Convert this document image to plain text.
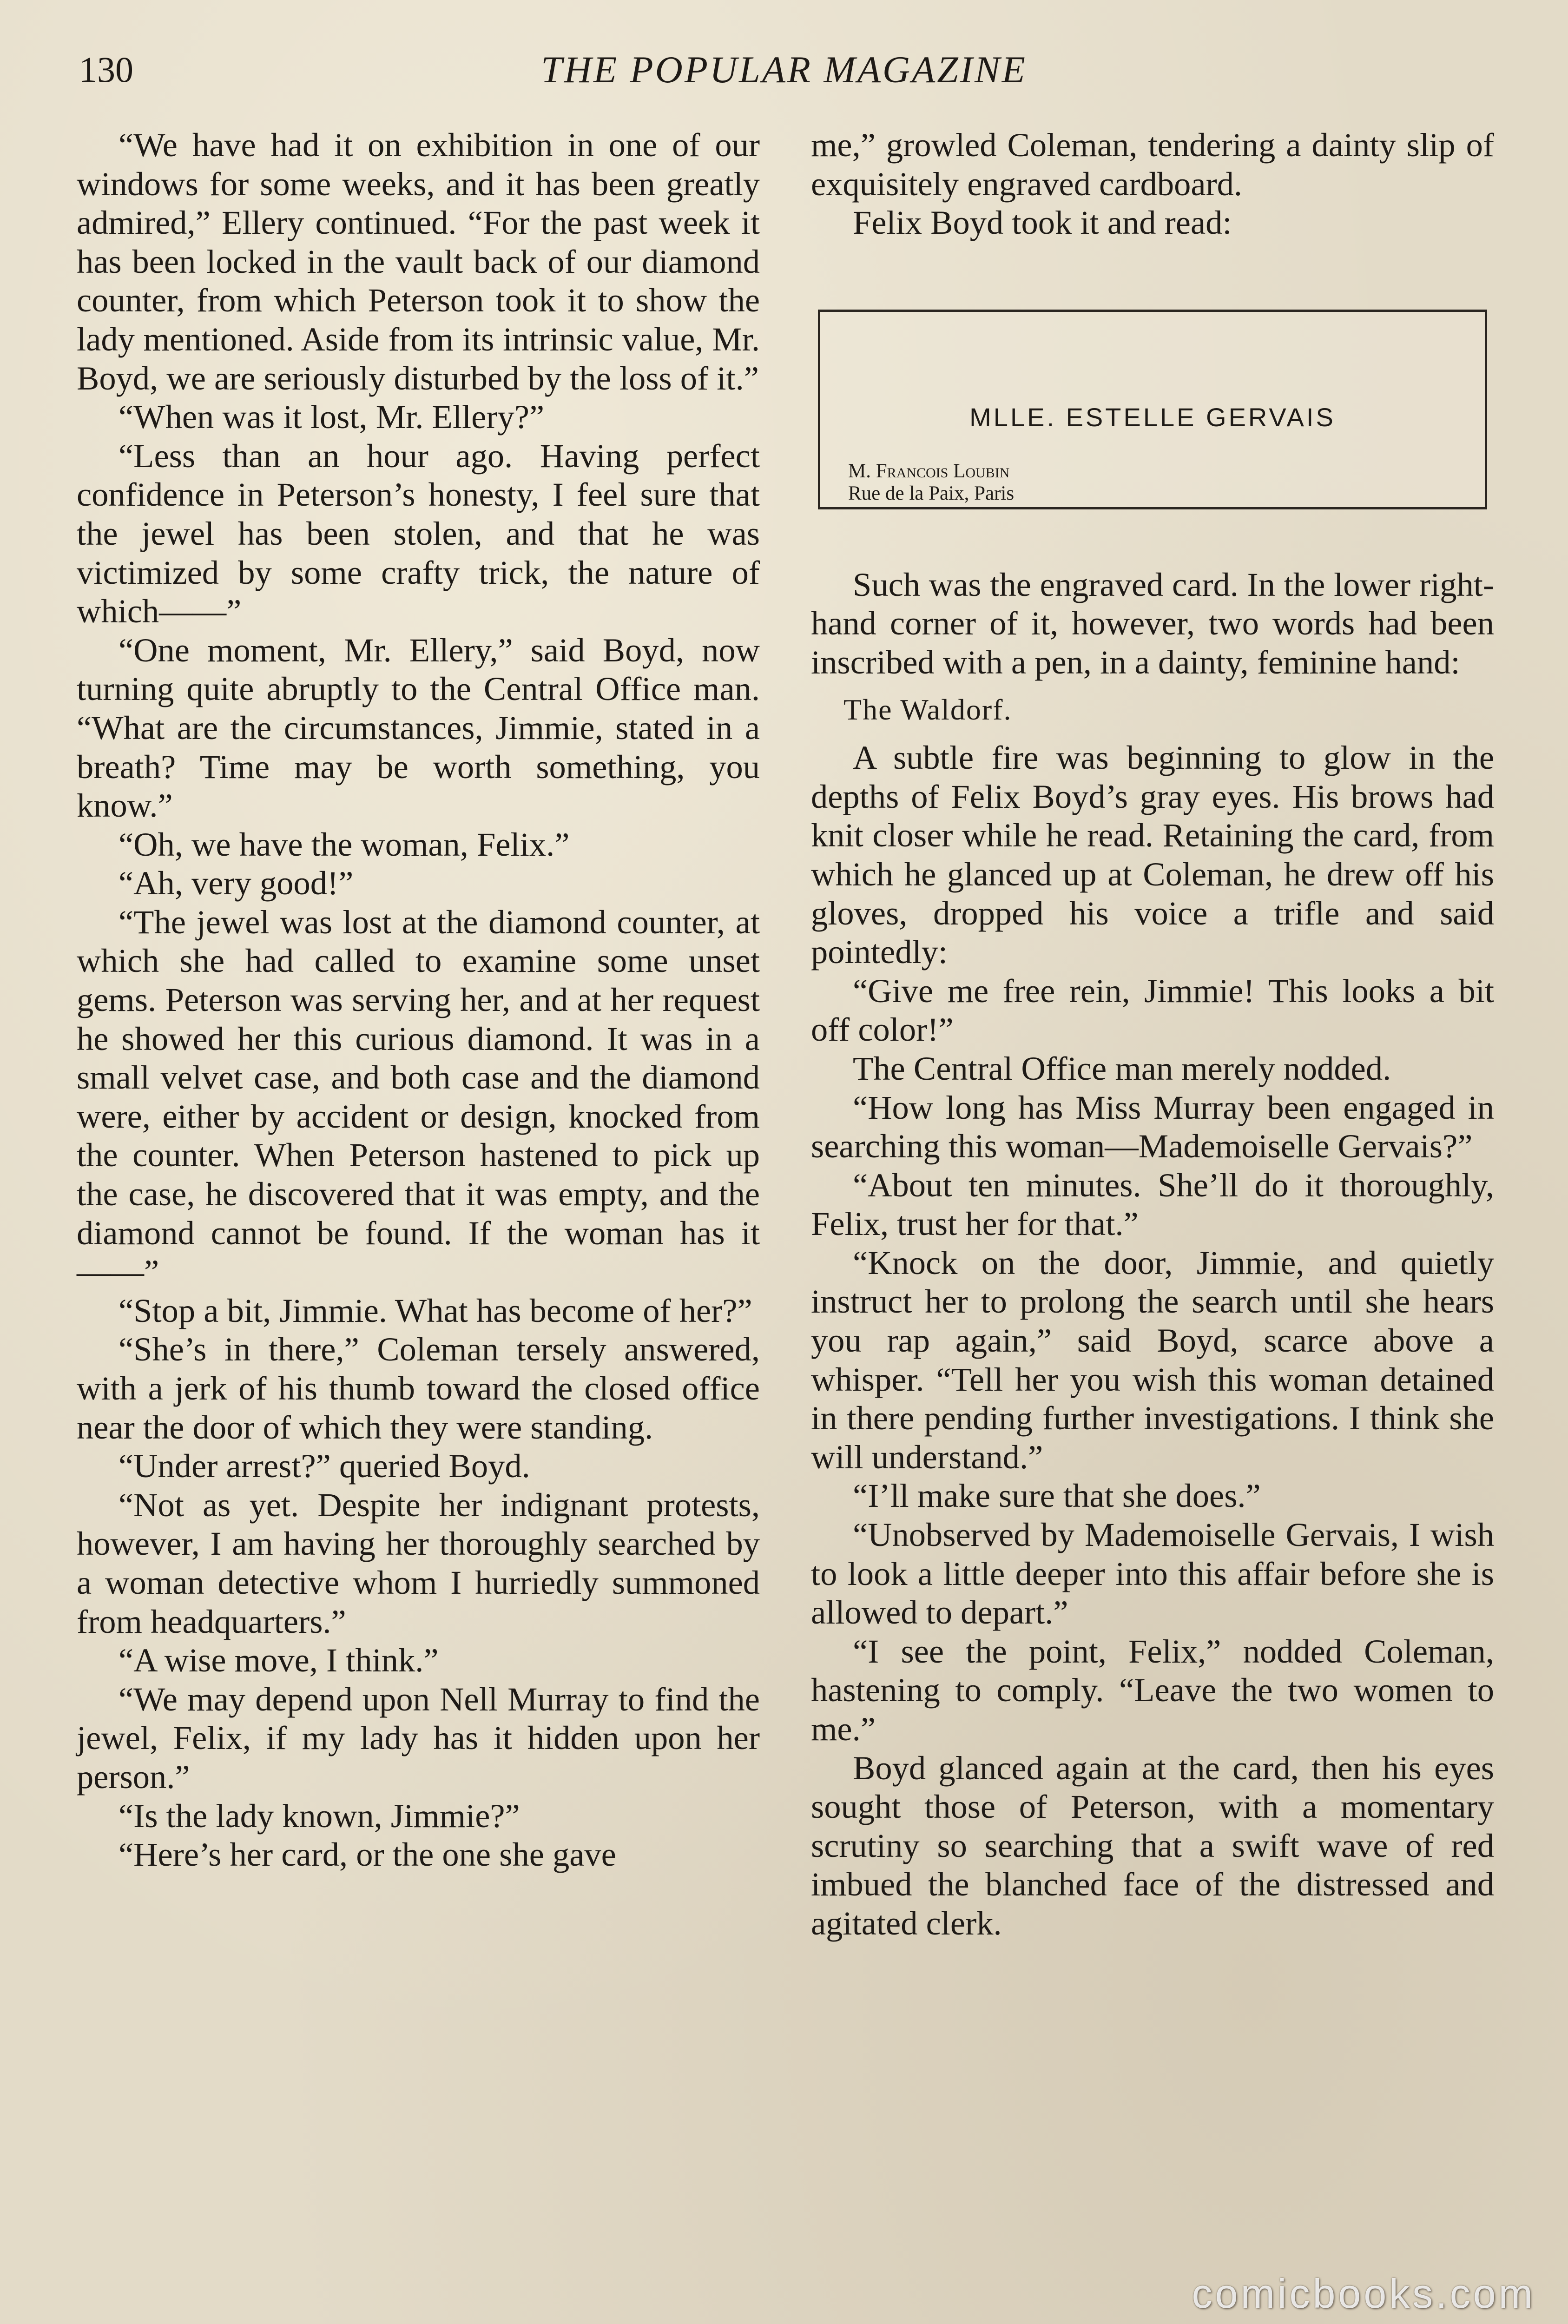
130	THE POPULAR MAGAZINE

“We have had it on exhibition in one of our windows for some weeks, and it has been greatly admired,” Ellery continued. “For the past week it has been locked in the vault back of our diamond counter, from which Peterson took it to show the lady mentioned. Aside from its intrinsic value, Mr. Boyd, we are seriously disturbed by the loss of it.”

“When was it lost, Mr. Ellery?”

“Less than an hour ago. Having perfect confidence in Peterson’s honesty, I feel sure that the jewel has been stolen, and that he was victimized by some crafty trick, the nature of which——”

“One moment, Mr. Ellery,” said Boyd, now turning quite abruptly to the Central Office man. “What are the circumstances, Jimmie, stated in a breath? Time may be worth something, you know.”

“Oh, we have the woman, Felix.”

“Ah, very good!”

“The jewel was lost at the diamond counter, at which she had called to examine some unset gems. Peterson was serving her, and at her request he showed her this curious diamond. It was in a small velvet case, and both case and the diamond were, either by accident or design, knocked from the counter. When Peterson hastened to pick up the case, he discovered that it was empty, and the diamond cannot be found. If the woman has it——”

“Stop a bit, Jimmie. What has become of her?”

“She’s in there,” Coleman tersely answered, with a jerk of his thumb toward the closed office near the door of which they were standing.

“Under arrest?” queried Boyd.

“Not as yet. Despite her indignant protests, however, I am having her thoroughly searched by a woman detective whom I hurriedly summoned from headquarters.”

“A wise move, I think.”

“We may depend upon Nell Murray to find the jewel, Felix, if my lady has it hidden upon her person.”

“Is the lady known, Jimmie?”

“Here’s her card, or the one she gave

me,” growled Coleman, tendering a dainty slip of exquisitely engraved cardboard.

Felix Boyd took it and read:

MLLE. ESTELLE GERVAIS
M. Francois Loubin
Rue de la Paix, Paris

Such was the engraved card. In the lower right-hand corner of it, however, two words had been inscribed with a pen, in a dainty, feminine hand:

The Waldorf.

A subtle fire was beginning to glow in the depths of Felix Boyd’s gray eyes. His brows had knit closer while he read. Retaining the card, from which he glanced up at Coleman, he drew off his gloves, dropped his voice a trifle and said pointedly:

“Give me free rein, Jimmie! This looks a bit off color!”

The Central Office man merely nodded.

“How long has Miss Murray been engaged in searching this woman—Mademoiselle Gervais?”

“About ten minutes. She’ll do it thoroughly, Felix, trust her for that.”

“Knock on the door, Jimmie, and quietly instruct her to prolong the search until she hears you rap again,” said Boyd, scarce above a whisper. “Tell her you wish this woman detained in there pending further investigations. I think she will understand.”

“I’ll make sure that she does.”

“Unobserved by Mademoiselle Gervais, I wish to look a little deeper into this affair before she is allowed to depart.”

“I see the point, Felix,” nodded Coleman, hastening to comply. “Leave the two women to me.”

Boyd glanced again at the card, then his eyes sought those of Peterson, with a momentary scrutiny so searching that a swift wave of red imbued the blanched face of the distressed and agitated clerk.

comicbooks.com
